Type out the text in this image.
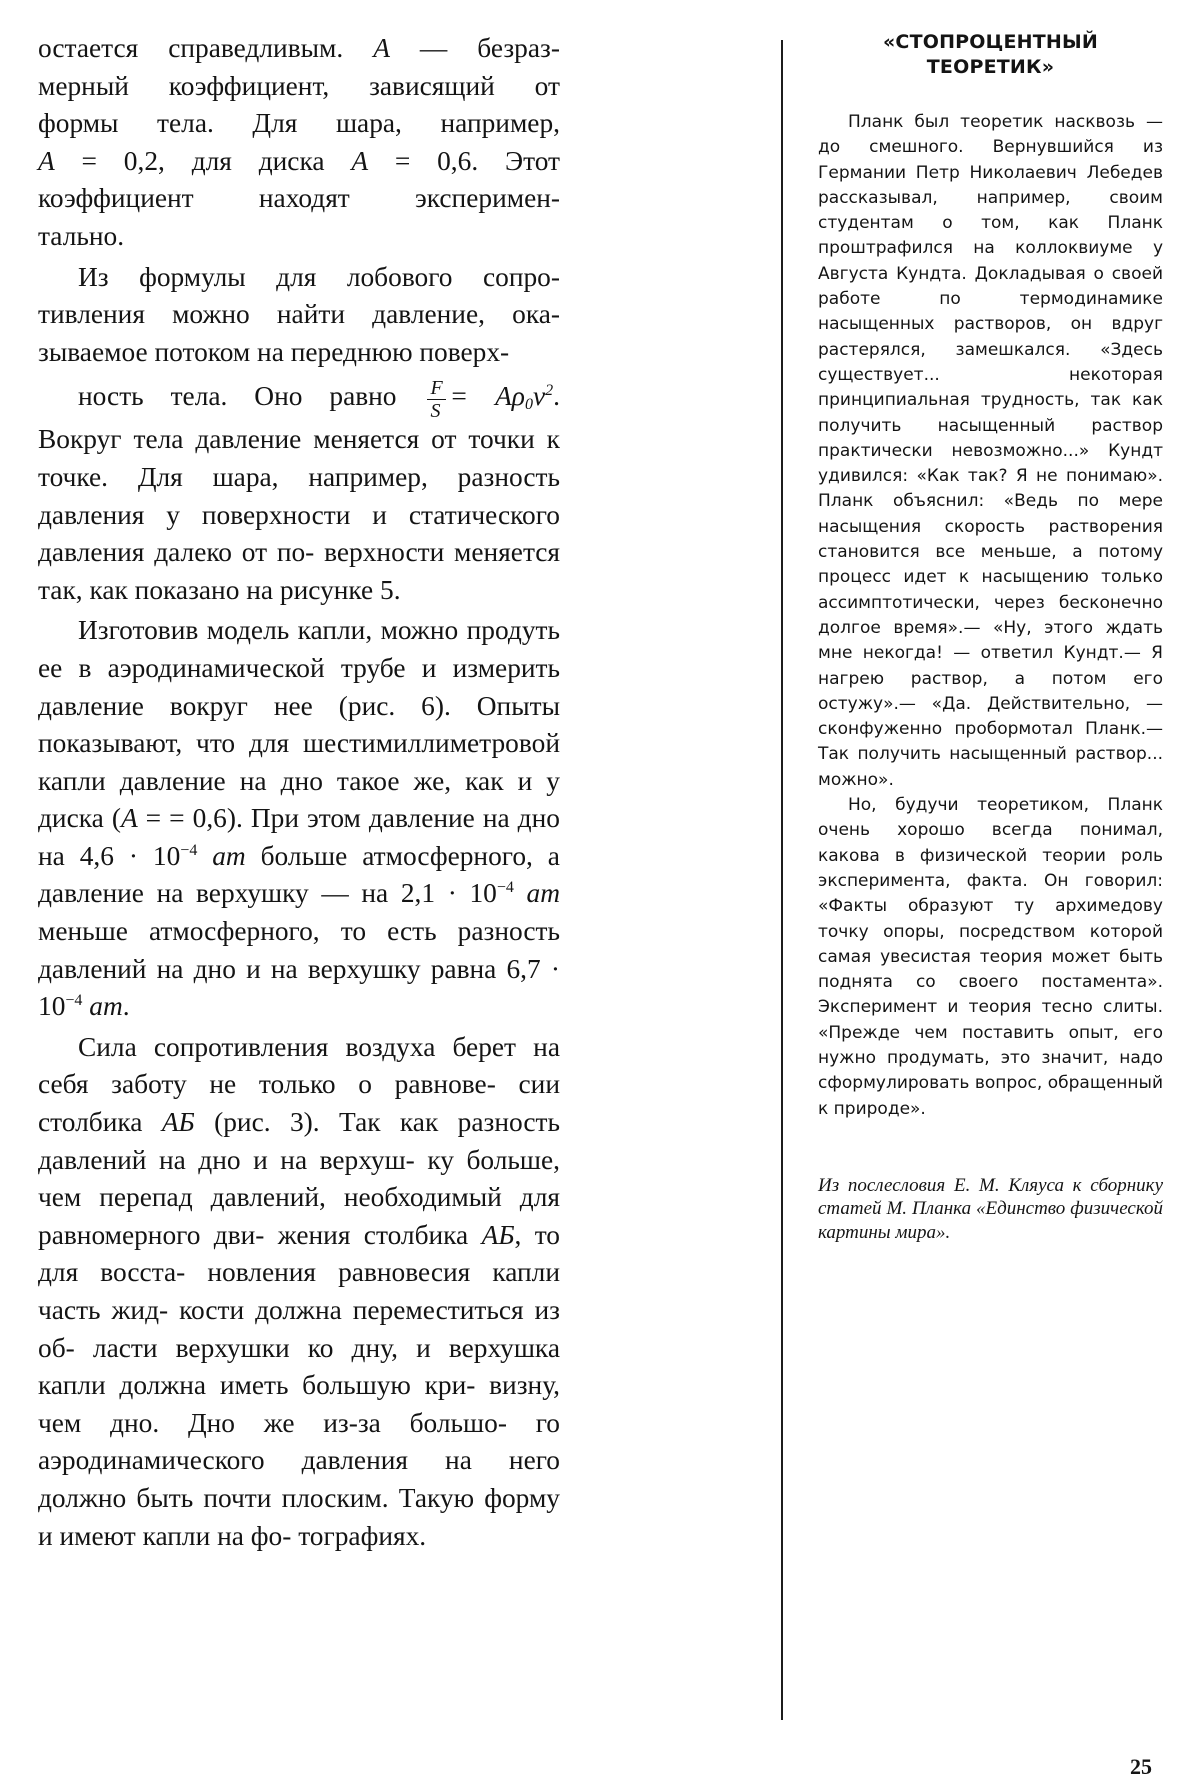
остается справедливым. A — безраз-
мерный коэффициент, зависящий от
формы тела. Для шара, например,
A = 0,2, для диска A = 0,6. Этот
коэффициент находят эксперимен-
тально.

Из формулы для лобового сопро- тивления можно найти давление, ока- зываемое потоком на переднюю поверх-
ность тела. Оно равно $\frac{F}{S} = A\rho_0v^2$.
Вокруг тела давление меняется от точки к точке. Для шара, например, разность давления у поверхности и статического давления далеко от по- верхности меняется так, как показано на рисунке 5.

Изготовив модель капли, можно продуть ее в аэродинамической трубе и измерить давление вокруг нее (рис. 6). Опыты показывают, что для шестимиллиметровой капли давление на дно такое же, как и у диска (A = = 0,6). При этом давление на дно на $4,6 \cdot 10^{-4}$ ат больше атмосферного, а давление на верхушку — на $2,1 \cdot 10^{-4}$ ат меньше атмосферного, то есть разность давлений на дно и на верхушку равна $6,7 \cdot 10^{-4}$ ат.

Сила сопротивления воздуха берет на себя заботу не только о равнове- сии столбика АБ (рис. 3). Так как разность давлений на дно и на верхуш- ку больше, чем перепад давлений, необходимый для равномерного дви- жения столбика АБ, то для восста- новления равновесия капли часть жид- кости должна переместиться из об- ласти верхушки ко дну, и верхушка капли должна иметь большую кри- визну, чем дно. Дно же из-за большо- го аэродинамического давления на него должно быть почти плоским. Такую форму и имеют капли на фо- тографиях.

«СТОПРОЦЕНТНЫЙ
ТЕОРЕТИК»

Планк был теоретик насквозь — до смешного. Вернувшийся из Германии Петр Николаевич Лебедев рассказывал, например, своим студентам о том, как Планк проштрафился на коллоквиуме у Августа Кундта. Докладывая о своей работе по термодинамике насыщенных растворов, он вдруг растерялся, замешкался. «Здесь существует... некоторая принципиальная трудность, так как получить насыщенный раствор практически невозможно...» Кундт удивился: «Как так? Я не понимаю». Планк объяснил: «Ведь по мере насыщения скорость растворения становится все меньше, а потому процесс идет к насыщению только ассимптотически, через бесконечно долгое время».— «Ну, этого ждать мне некогда! — ответил Кундт.— Я нагрею раствор, а потом его остужу».— «Да. Действительно, — сконфуженно пробормотал Планк.— Так получить насыщенный раствор... можно».

Но, будучи теоретиком, Планк очень хорошо всегда понимал, какова в физической теории роль эксперимента, факта. Он говорил: «Факты образуют ту архимедову точку опоры, посредством которой самая увесистая теория может быть поднята со своего постамента». Эксперимент и теория тесно слиты. «Прежде чем поставить опыт, его нужно продумать, это значит, надо сформулировать вопрос, обращенный к природе».

Из послесловия Е. М. Кляуса к сборнику статей М. Планка «Единство физической картины мира».

25
